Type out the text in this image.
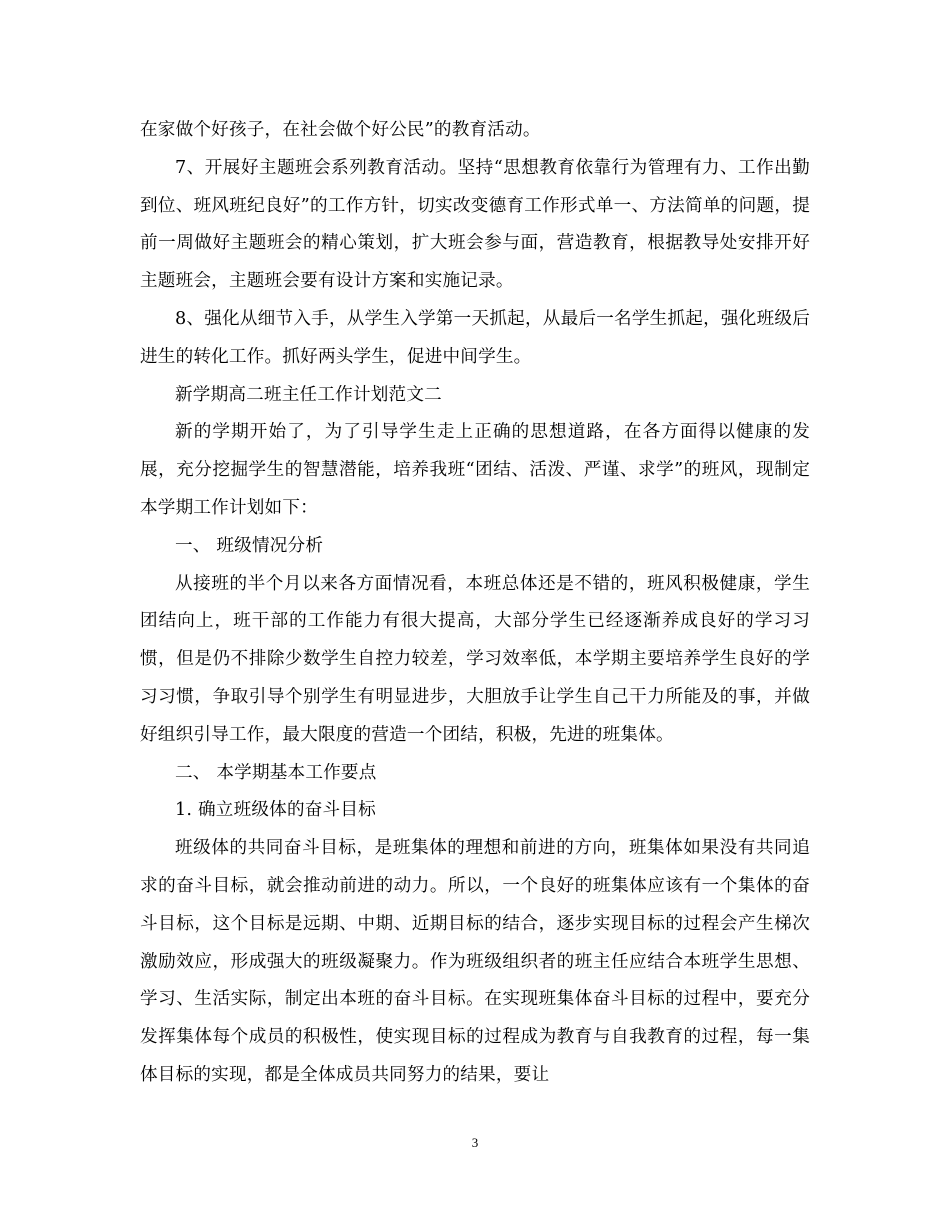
在家做个好孩子，在社会做个好公民”的教育活动。

7、开展好主题班会系列教育活动。坚持“思想教育依靠行为管理有力、工作出勤到位、班风班纪良好”的工作方针，切实改变德育工作形式单一、方法简单的问题，提前一周做好主题班会的精心策划，扩大班会参与面，营造教育，根据教导处安排开好主题班会，主题班会要有设计方案和实施记录。

8、强化从细节入手，从学生入学第一天抓起，从最后一名学生抓起，强化班级后进生的转化工作。抓好两头学生，促进中间学生。

新学期高二班主任工作计划范文二

新的学期开始了，为了引导学生走上正确的思想道路，在各方面得以健康的发展，充分挖掘学生的智慧潜能，培养我班“团结、活泼、严谨、求学”的班风，现制定本学期工作计划如下：

一、 班级情况分析

从接班的半个月以来各方面情况看，本班总体还是不错的，班风积极健康，学生团结向上，班干部的工作能力有很大提高，大部分学生已经逐渐养成良好的学习习惯，但是仍不排除少数学生自控力较差，学习效率低，本学期主要培养学生良好的学习习惯，争取引导个别学生有明显进步，大胆放手让学生自己干力所能及的事，并做好组织引导工作，最大限度的营造一个团结，积极，先进的班集体。

二、 本学期基本工作要点

1. 确立班级体的奋斗目标

班级体的共同奋斗目标，是班集体的理想和前进的方向，班集体如果没有共同追求的奋斗目标，就会推动前进的动力。所以，一个良好的班集体应该有一个集体的奋斗目标，这个目标是远期、中期、近期目标的结合，逐步实现目标的过程会产生梯次激励效应，形成强大的班级凝聚力。作为班级组织者的班主任应结合本班学生思想、学习、生活实际，制定出本班的奋斗目标。在实现班集体奋斗目标的过程中，要充分发挥集体每个成员的积极性，使实现目标的过程成为教育与自我教育的过程，每一集体目标的实现，都是全体成员共同努力的结果，要让

3
